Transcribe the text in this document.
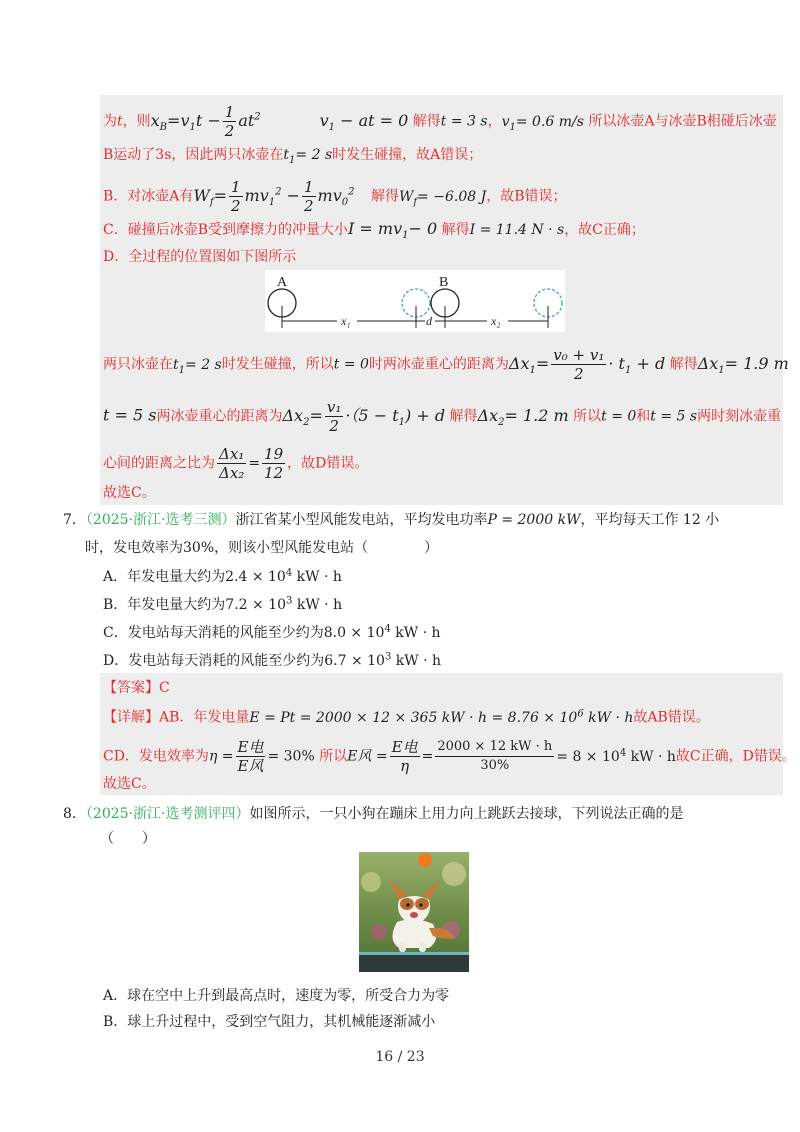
为t，则$x_B=v_1t - \frac{1}{2} at^2$	$v_1$ − at = 0 解得t = 3 s，$v_1= 0.6$ m/s 所以冰壶A与冰壶B相碰后冰壶
B运动了3s，因此两只冰壶在$t_1= 2$ s时发生碰撞，故A错误；
B．对冰壶A有$W_f= \frac{1}{2} mv_1^2 - \frac{1}{2} mv_0^2$ 解得$W_f= -6.08$ J，故B错误；
C．碰撞后冰壶B受到摩擦力的冲量大小$I = mv_1- 0$ 解得I = 11.4 N · s，故C正确；
D．全过程的位置图如下图所示
A	B
x₁	d	x₂
两只冰壶在$t_1= 2$ s时发生碰撞，所以t = 0时两冰壶重心的距离为$\Delta x_1= \frac{\text{v₀ + v₁}}{2} \cdot t_1 + d$ 解得$\Delta x_1= 1.9$ m
t = 5 s两冰壶重心的距离为$\Delta x_2= \frac{\text{v₁}}{2} \cdot(5 - t_1) + d$ 解得$\Delta x_2= 1.2$ m 所以t = 0和t = 5 s两时刻冰壶重
心间的距离之比为 $\frac{\text{Δx₁}}{\text{Δx₂}} = \frac{19}{12}$ ，故D错误。
故选C。
7．（2025·浙江·选考三测）浙江省某小型风能发电站，平均发电功率P = 2000 kW，平均每天工作 12 小
时，发电效率为30%，则该小型风能发电站（　　　　）
A．年发电量大约为$2.4 \times 10^4$ kW · h
B．年发电量大约为$7.2 \times 10^3$ kW · h
C．发电站每天消耗的风能至少约为$8.0 \times 10^4$ kW · h
D．发电站每天消耗的风能至少约为$6.7 \times 10^3$ kW · h
【答案】C
【详解】AB．年发电量E = Pt = 2000 × 12 × 365 kW · $h = 8.76 \times 10^6$ kW · h故AB错误。
CD．发电效率为$\eta = \frac{\text{E电}}{\text{E风}} = 30\%$ 所以E风 = $\frac{\text{E电}}{\eta} = \frac{2000 \times 12 kW \cdot h}{30\%} = 8 \times 10^4$ kW · h故C正确，D错误。
故选C。
8．（2025·浙江·选考测评四）如图所示，一只小狗在蹦床上用力向上跳跃去接球，下列说法正确的是
（　　）
A．球在空中上升到最高点时，速度为零，所受合力为零
B．球上升过程中，受到空气阻力，其机械能逐渐减小
16 / 23
